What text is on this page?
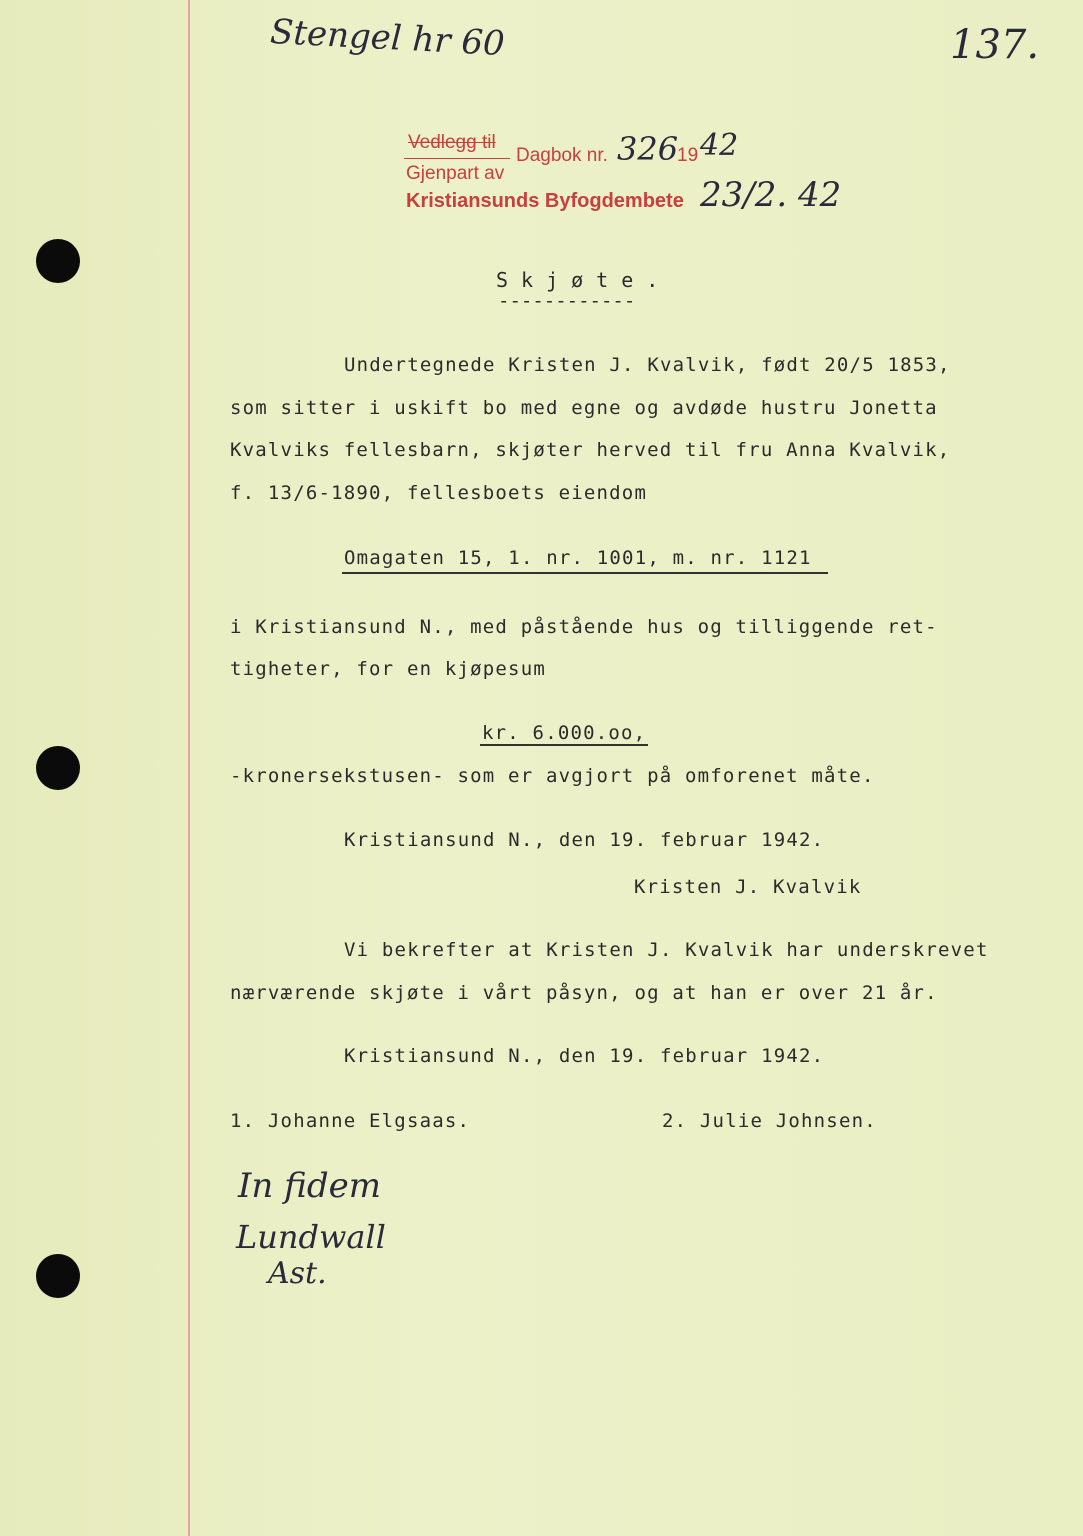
Stengel hr 60	137.
Vedlegg til
Dagbok nr. 326
19 42
Gjenpart av
Kristiansunds Byfogdembete 23/2. 42
Skjøte.
------------
Undertegnede Kristen J. Kvalvik, født 20/5 1853,
som sitter i uskift bo med egne og avdøde hustru Jonetta
Kvalviks fellesbarn, skjøter herved til fru Anna Kvalvik,
f. 13/6-1890, fellesboets eiendom
Omagaten 15, 1. nr. 1001, m. nr. 1121
i Kristiansund N., med påstående hus og tilliggende ret-
tigheter, for en kjøpesum
kr. 6.000.oo,
-kronersekstusen- som er avgjort på omforenet måte.
Kristiansund N., den 19. februar 1942.
Kristen J. Kvalvik
Vi bekrefter at Kristen J. Kvalvik har underskrevet
nærværende skjøte i vårt påsyn, og at han er over 21 år.
Kristiansund N., den 19. februar 1942.
1. Johanne Elgsaas.	2. Julie Johnsen.
In fidem
Lundwall
Ast.
